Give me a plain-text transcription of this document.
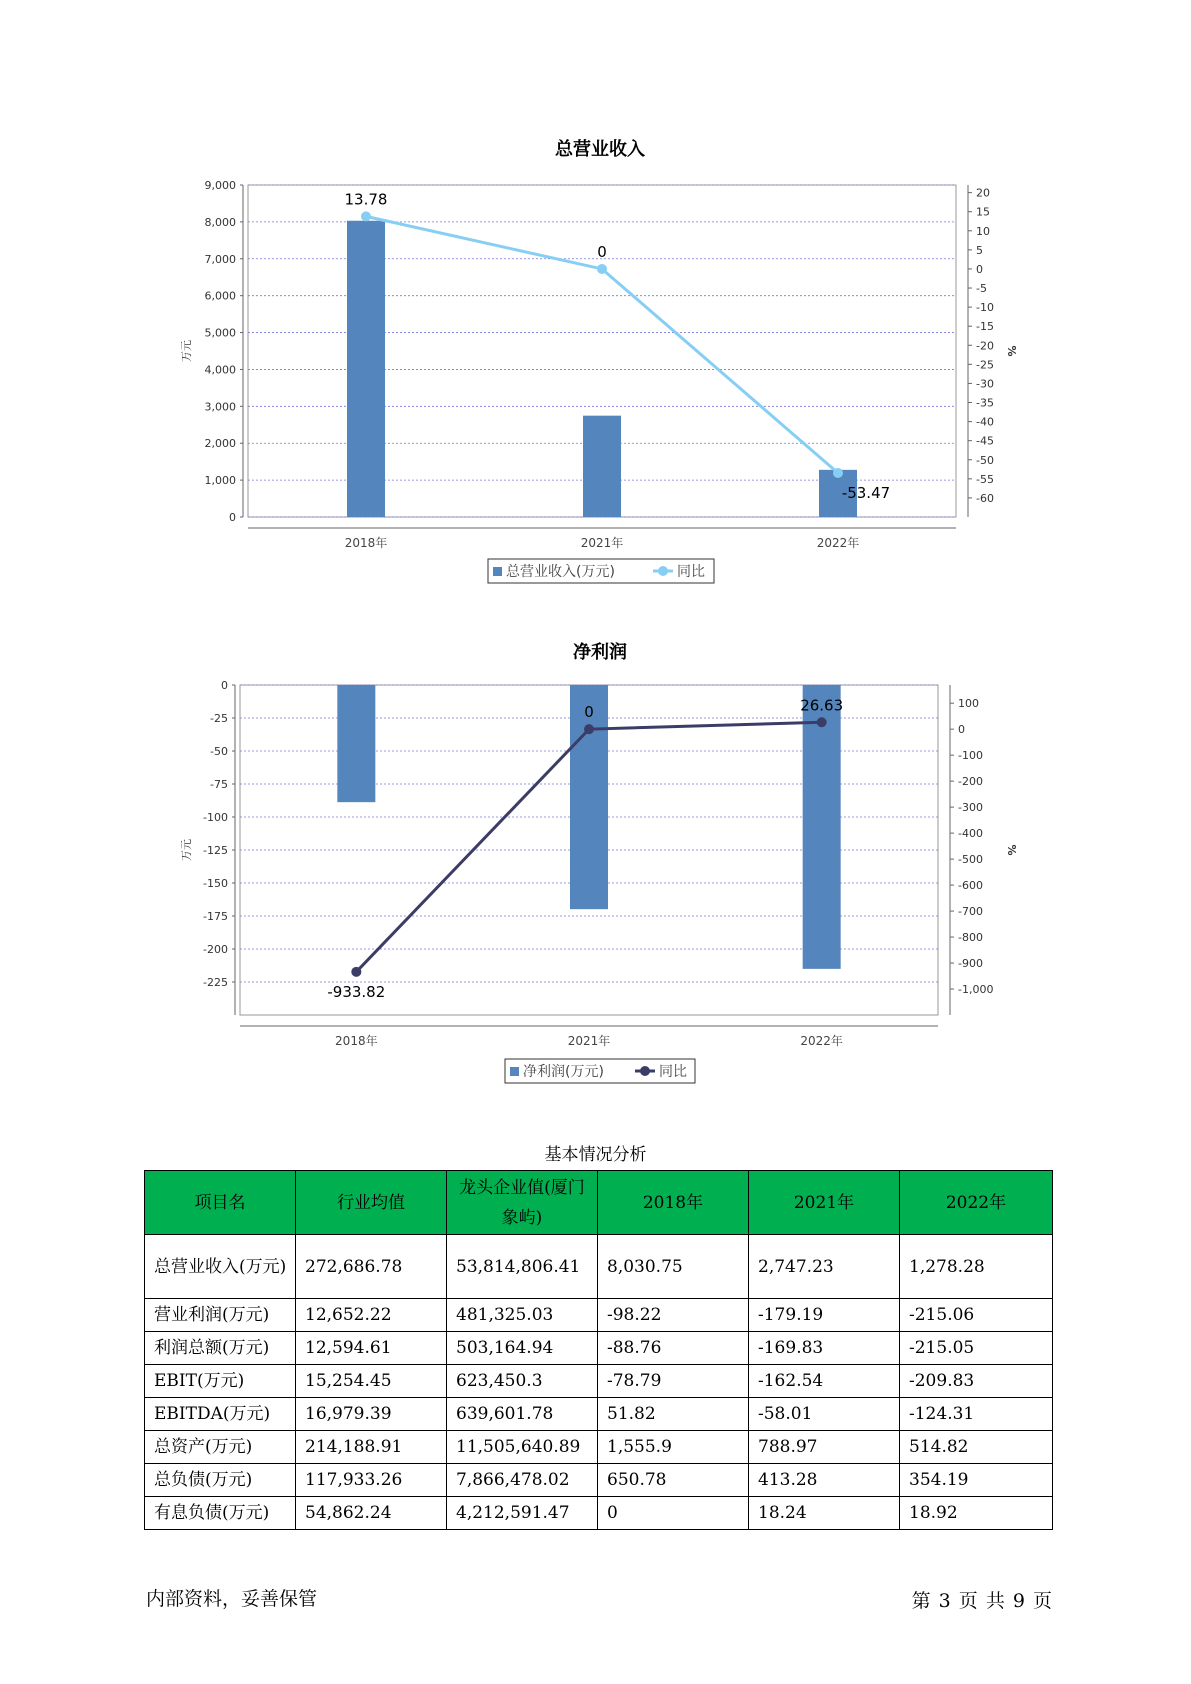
总营业收入
0
1,000
2,000
3,000
4,000
5,000
6,000
7,000
8,000
9,000
20
15
10
5
0
-5
-10
-15
-20
-25
-30
-35
-40
-45
-50
-55
-60
万元	%
2018年	2021年	2022年
13.78
0
-53.47
总营业收入(万元)	同比
净利润
0
-25
-50
-75
-100
-125
-150
-175
-200
-225
100
0
-100
-200
-300
-400
-500
-600
-700
-800
-900
-1,000
万元	%
2018年	2021年	2022年
-933.82
0	26.63
净利润(万元)	同比
基本情况分析
项目名	行业均值	龙头企业值(厦门象屿)	2018年	2021年	2022年
总营业收入(万元)	272,686.78	53,814,806.41	8,030.75	2,747.23	1,278.28
营业利润(万元)	12,652.22	481,325.03	-98.22	-179.19	-215.06
利润总额(万元)	12,594.61	503,164.94	-88.76	-169.83	-215.05
EBIT(万元)	15,254.45	623,450.3	-78.79	-162.54	-209.83
EBITDA(万元)	16,979.39	639,601.78	51.82	-58.01	-124.31
总资产(万元)	214,188.91	11,505,640.89	1,555.9	788.97	514.82
总负债(万元)	117,933.26	7,866,478.02	650.78	413.28	354.19
有息负债(万元)	54,862.24	4,212,591.47	0	18.24	18.92
内部资料，妥善保管	第 3 页 共 9 页
